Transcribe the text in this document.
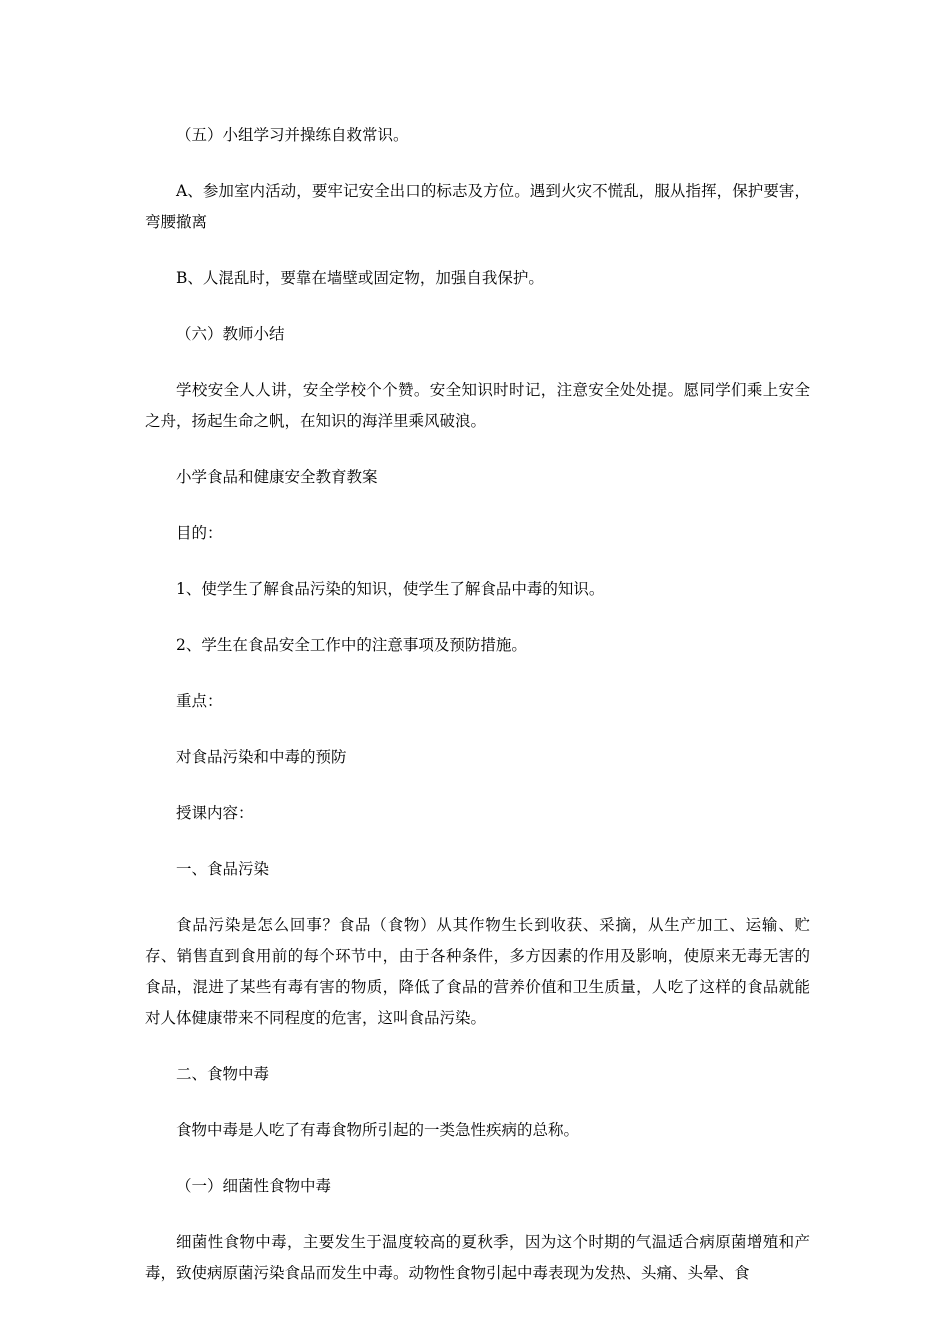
（五）小组学习并操练自救常识。

A、参加室内活动，要牢记安全出口的标志及方位。遇到火灾不慌乱，服从指挥，保护要害，弯腰撤离

B、人混乱时，要靠在墙壁或固定物，加强自我保护。

（六）教师小结

学校安全人人讲，安全学校个个赞。安全知识时时记，注意安全处处提。愿同学们乘上安全之舟，扬起生命之帆，在知识的海洋里乘风破浪。

小学食品和健康安全教育教案

目的：

1、使学生了解食品污染的知识，使学生了解食品中毒的知识。

2、学生在食品安全工作中的注意事项及预防措施。

重点：

对食品污染和中毒的预防

授课内容：

一、食品污染

食品污染是怎么回事？食品（食物）从其作物生长到收获、采摘，从生产加工、运输、贮存、销售直到食用前的每个环节中，由于各种条件，多方因素的作用及影响，使原来无毒无害的食品，混进了某些有毒有害的物质，降低了食品的营养价值和卫生质量，人吃了这样的食品就能对人体健康带来不同程度的危害，这叫食品污染。

二、食物中毒

食物中毒是人吃了有毒食物所引起的一类急性疾病的总称。

（一）细菌性食物中毒

细菌性食物中毒，主要发生于温度较高的夏秋季，因为这个时期的气温适合病原菌增殖和产毒，致使病原菌污染食品而发生中毒。动物性食物引起中毒表现为发热、头痛、头晕、食
